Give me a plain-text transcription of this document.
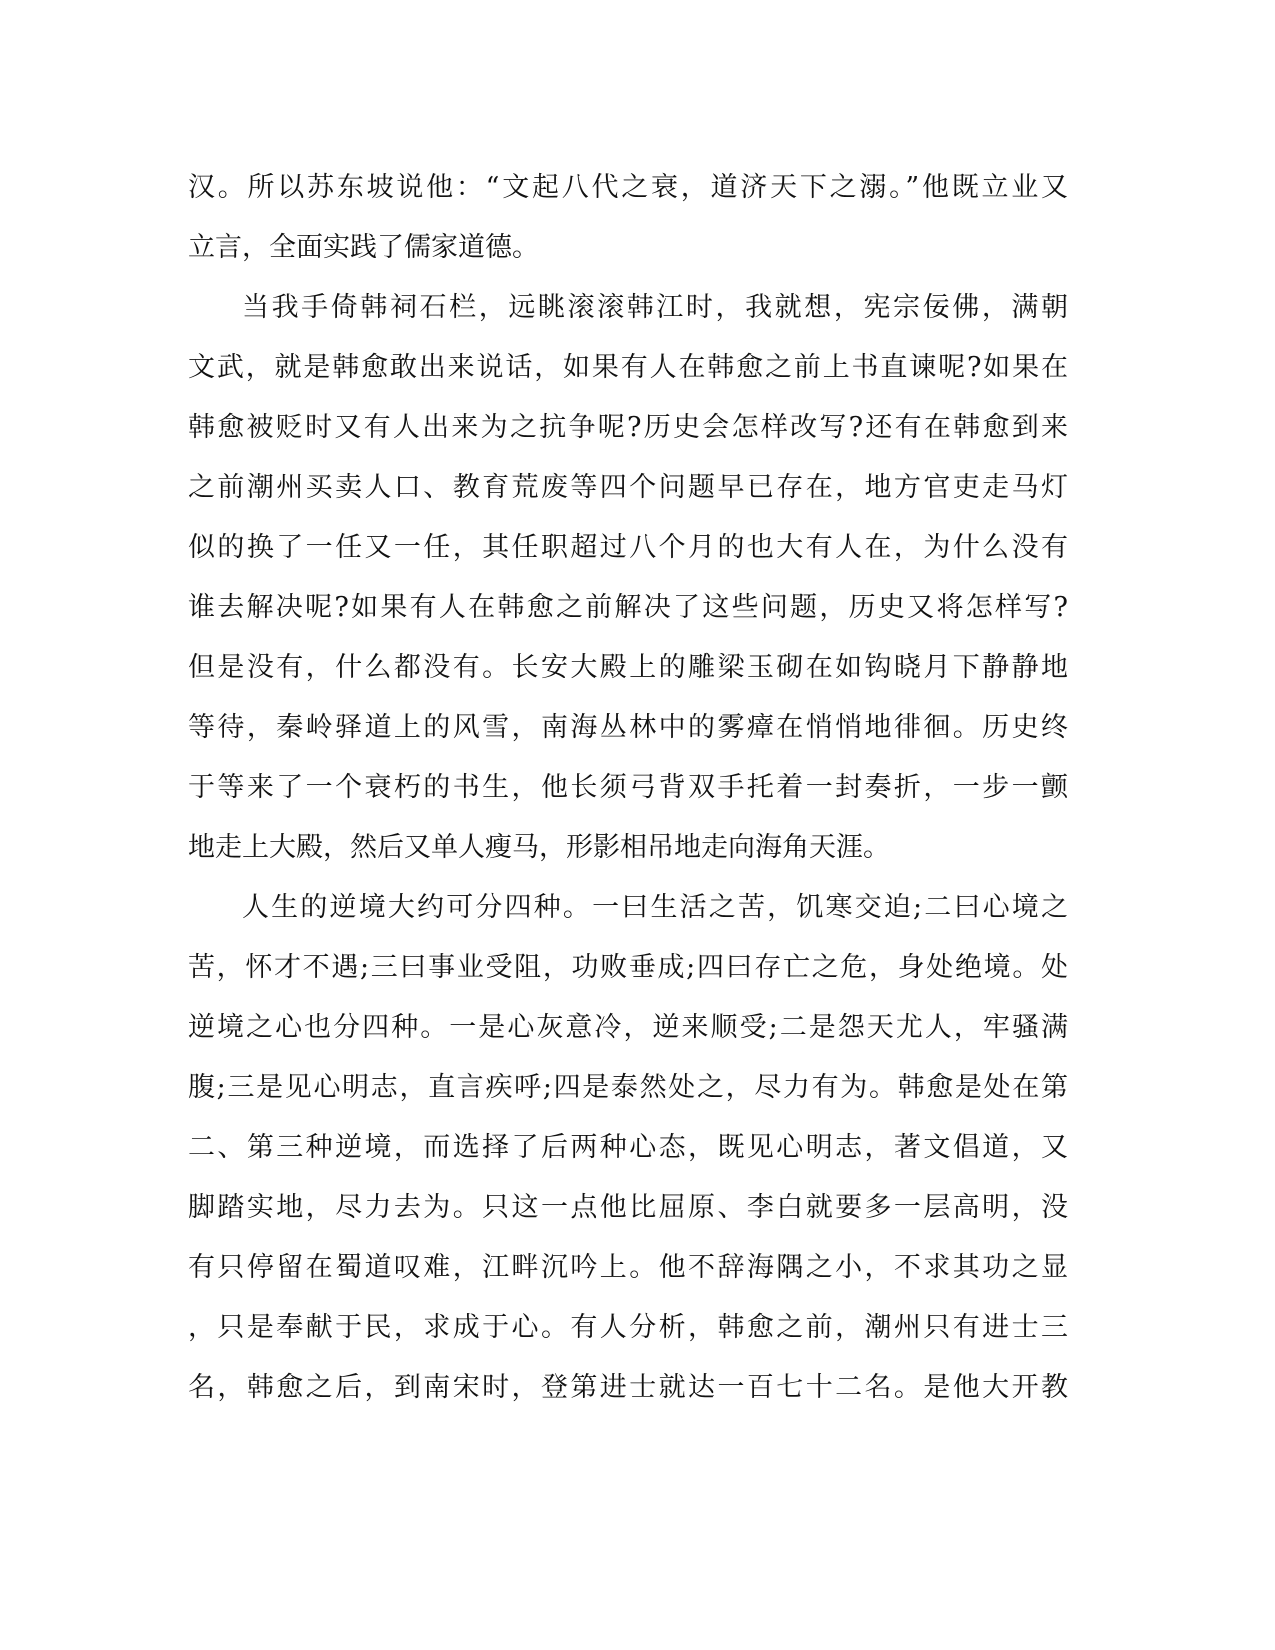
汉。所以苏东坡说他：“文起八代之衰，道济天下之溺。”他既立业又
立言，全面实践了儒家道德。
当我手倚韩祠石栏，远眺滚滚韩江时，我就想，宪宗佞佛，满朝
文武，就是韩愈敢出来说话，如果有人在韩愈之前上书直谏呢?如果在
韩愈被贬时又有人出来为之抗争呢?历史会怎样改写?还有在韩愈到来
之前潮州买卖人口、教育荒废等四个问题早已存在，地方官吏走马灯
似的换了一任又一任，其任职超过八个月的也大有人在，为什么没有
谁去解决呢?如果有人在韩愈之前解决了这些问题，历史又将怎样写?
但是没有，什么都没有。长安大殿上的雕梁玉砌在如钩晓月下静静地
等待，秦岭驿道上的风雪，南海丛林中的雾瘴在悄悄地徘徊。历史终
于等来了一个衰朽的书生，他长须弓背双手托着一封奏折，一步一颤
地走上大殿，然后又单人瘦马，形影相吊地走向海角天涯。
人生的逆境大约可分四种。一曰生活之苦，饥寒交迫;二曰心境之
苦，怀才不遇;三曰事业受阻，功败垂成;四曰存亡之危，身处绝境。处
逆境之心也分四种。一是心灰意冷，逆来顺受;二是怨天尤人，牢骚满
腹;三是见心明志，直言疾呼;四是泰然处之，尽力有为。韩愈是处在第
二、第三种逆境，而选择了后两种心态，既见心明志，著文倡道，又
脚踏实地，尽力去为。只这一点他比屈原、李白就要多一层高明，没
有只停留在蜀道叹难，江畔沉吟上。他不辞海隅之小，不求其功之显
，只是奉献于民，求成于心。有人分析，韩愈之前，潮州只有进士三
名，韩愈之后，到南宋时，登第进士就达一百七十二名。是他大开教
